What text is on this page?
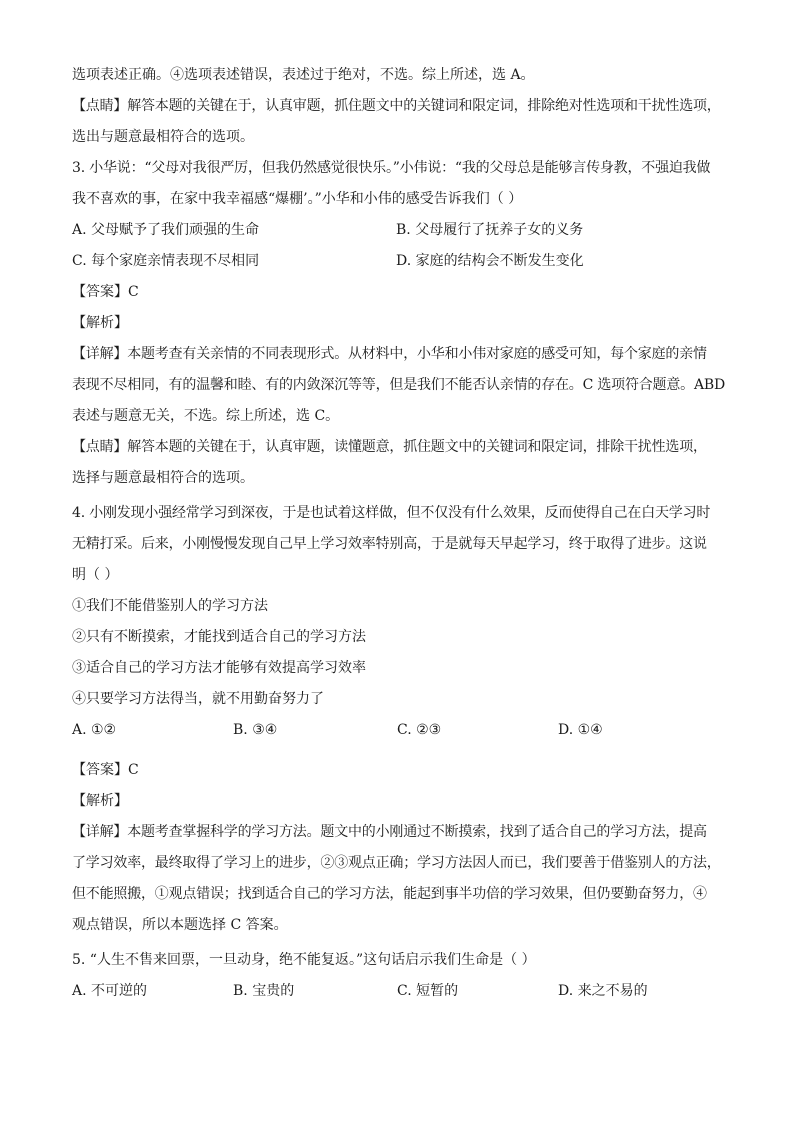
选项表述正确。④选项表述错误，表述过于绝对，不选。综上所述，选 A。
【点睛】解答本题的关键在于，认真审题，抓住题文中的关键词和限定词，排除绝对性选项和干扰性选项，
选出与题意最相符合的选项。
3. 小华说：“父母对我很严厉，但我仍然感觉很快乐。”小伟说：“我的父母总是能够言传身教，不强迫我做
我不喜欢的事，在家中我幸福感“爆棚’。”小华和小伟的感受告诉我们（ ）
A. 父母赋予了我们顽强的生命	B. 父母履行了抚养子女的义务
C. 每个家庭亲情表现不尽相同	D. 家庭的结构会不断发生变化
【答案】C
【解析】
【详解】本题考查有关亲情的不同表现形式。从材料中，小华和小伟对家庭的感受可知，每个家庭的亲情
表现不尽相同，有的温馨和睦、有的内敛深沉等等，但是我们不能否认亲情的存在。C 选项符合题意。ABD
表述与题意无关，不选。综上所述，选 C。
【点睛】解答本题的关键在于，认真审题，读懂题意，抓住题文中的关键词和限定词，排除干扰性选项，
选择与题意最相符合的选项。
4. 小刚发现小强经常学习到深夜，于是也试着这样做，但不仅没有什么效果，反而使得自己在白天学习时
无精打采。后来，小刚慢慢发现自己早上学习效率特别高，于是就每天早起学习，终于取得了进步。这说
明（ ）
①我们不能借鉴别人的学习方法
②只有不断摸索，才能找到适合自己的学习方法
③适合自己的学习方法才能够有效提高学习效率
④只要学习方法得当，就不用勤奋努力了
A. ①②	B. ③④	C. ②③	D. ①④
【答案】C
【解析】
【详解】本题考查掌握科学的学习方法。题文中的小刚通过不断摸索，找到了适合自己的学习方法，提高
了学习效率，最终取得了学习上的进步，②③观点正确；学习方法因人而已，我们要善于借鉴别人的方法，
但不能照搬，①观点错误；找到适合自己的学习方法，能起到事半功倍的学习效果，但仍要勤奋努力，④
观点错误，所以本题选择 C 答案。
5. “人生不售来回票，一旦动身，绝不能复返。”这句话启示我们生命是（ ）
A. 不可逆的	B. 宝贵的	C. 短暂的	D. 来之不易的
